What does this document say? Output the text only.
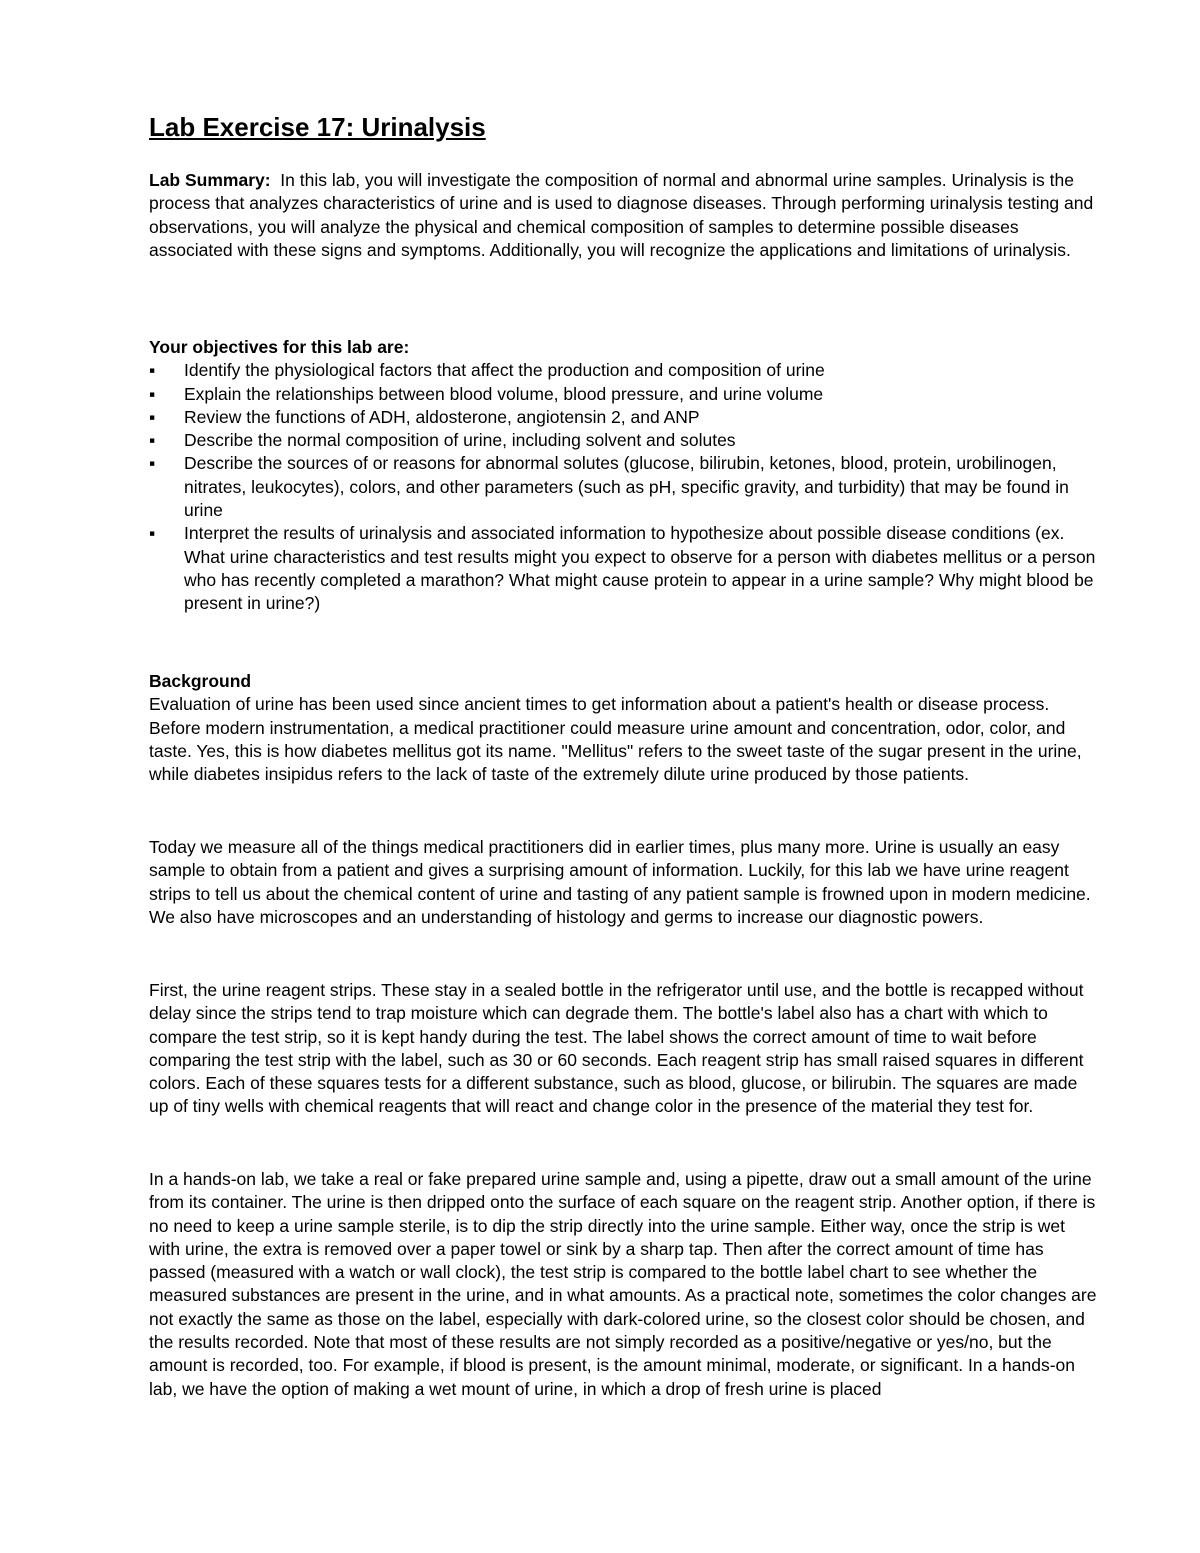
Lab Exercise 17: Urinalysis

Lab Summary:  In this lab, you will investigate the composition of normal and abnormal urine samples. Urinalysis is the process that analyzes characteristics of urine and is used to diagnose diseases. Through performing urinalysis testing and observations, you will analyze the physical and chemical composition of samples to determine possible diseases associated with these signs and symptoms. Additionally, you will recognize the applications and limitations of urinalysis.

Your objectives for this lab are:

▪	Identify the physiological factors that affect the production and composition of urine
▪	Explain the relationships between blood volume, blood pressure, and urine volume
▪	Review the functions of ADH, aldosterone, angiotensin 2, and ANP
▪	Describe the normal composition of urine, including solvent and solutes
▪	Describe the sources of or reasons for abnormal solutes (glucose, bilirubin, ketones, blood, protein, urobilinogen, nitrates, leukocytes), colors, and other parameters (such as pH, specific gravity, and turbidity) that may be found in urine
▪	Interpret the results of urinalysis and associated information to hypothesize about possible disease conditions (ex. What urine characteristics and test results might you expect to observe for a person with diabetes mellitus or a person who has recently completed a marathon? What might cause protein to appear in a urine sample? Why might blood be present in urine?)

Background

Evaluation of urine has been used since ancient times to get information about a patient's health or disease process. Before modern instrumentation, a medical practitioner could measure urine amount and concentration, odor, color, and taste. Yes, this is how diabetes mellitus got its name. "Mellitus" refers to the sweet taste of the sugar present in the urine, while diabetes insipidus refers to the lack of taste of the extremely dilute urine produced by those patients.

Today we measure all of the things medical practitioners did in earlier times, plus many more. Urine is usually an easy sample to obtain from a patient and gives a surprising amount of information. Luckily, for this lab we have urine reagent strips to tell us about the chemical content of urine and tasting of any patient sample is frowned upon in modern medicine. We also have microscopes and an understanding of histology and germs to increase our diagnostic powers.

First, the urine reagent strips. These stay in a sealed bottle in the refrigerator until use, and the bottle is recapped without delay since the strips tend to trap moisture which can degrade them. The bottle's label also has a chart with which to compare the test strip, so it is kept handy during the test. The label shows the correct amount of time to wait before comparing the test strip with the label, such as 30 or 60 seconds. Each reagent strip has small raised squares in different colors. Each of these squares tests for a different substance, such as blood, glucose, or bilirubin. The squares are made up of tiny wells with chemical reagents that will react and change color in the presence of the material they test for.

In a hands-on lab, we take a real or fake prepared urine sample and, using a pipette, draw out a small amount of the urine from its container. The urine is then dripped onto the surface of each square on the reagent strip. Another option, if there is no need to keep a urine sample sterile, is to dip the strip directly into the urine sample. Either way, once the strip is wet with urine, the extra is removed over a paper towel or sink by a sharp tap. Then after the correct amount of time has passed (measured with a watch or wall clock), the test strip is compared to the bottle label chart to see whether the measured substances are present in the urine, and in what amounts. As a practical note, sometimes the color changes are not exactly the same as those on the label, especially with dark-colored urine, so the closest color should be chosen, and the results recorded. Note that most of these results are not simply recorded as a positive/negative or yes/no, but the amount is recorded, too. For example, if blood is present, is the amount minimal, moderate, or significant. In a hands-on lab, we have the option of making a wet mount of urine, in which a drop of fresh urine is placed
